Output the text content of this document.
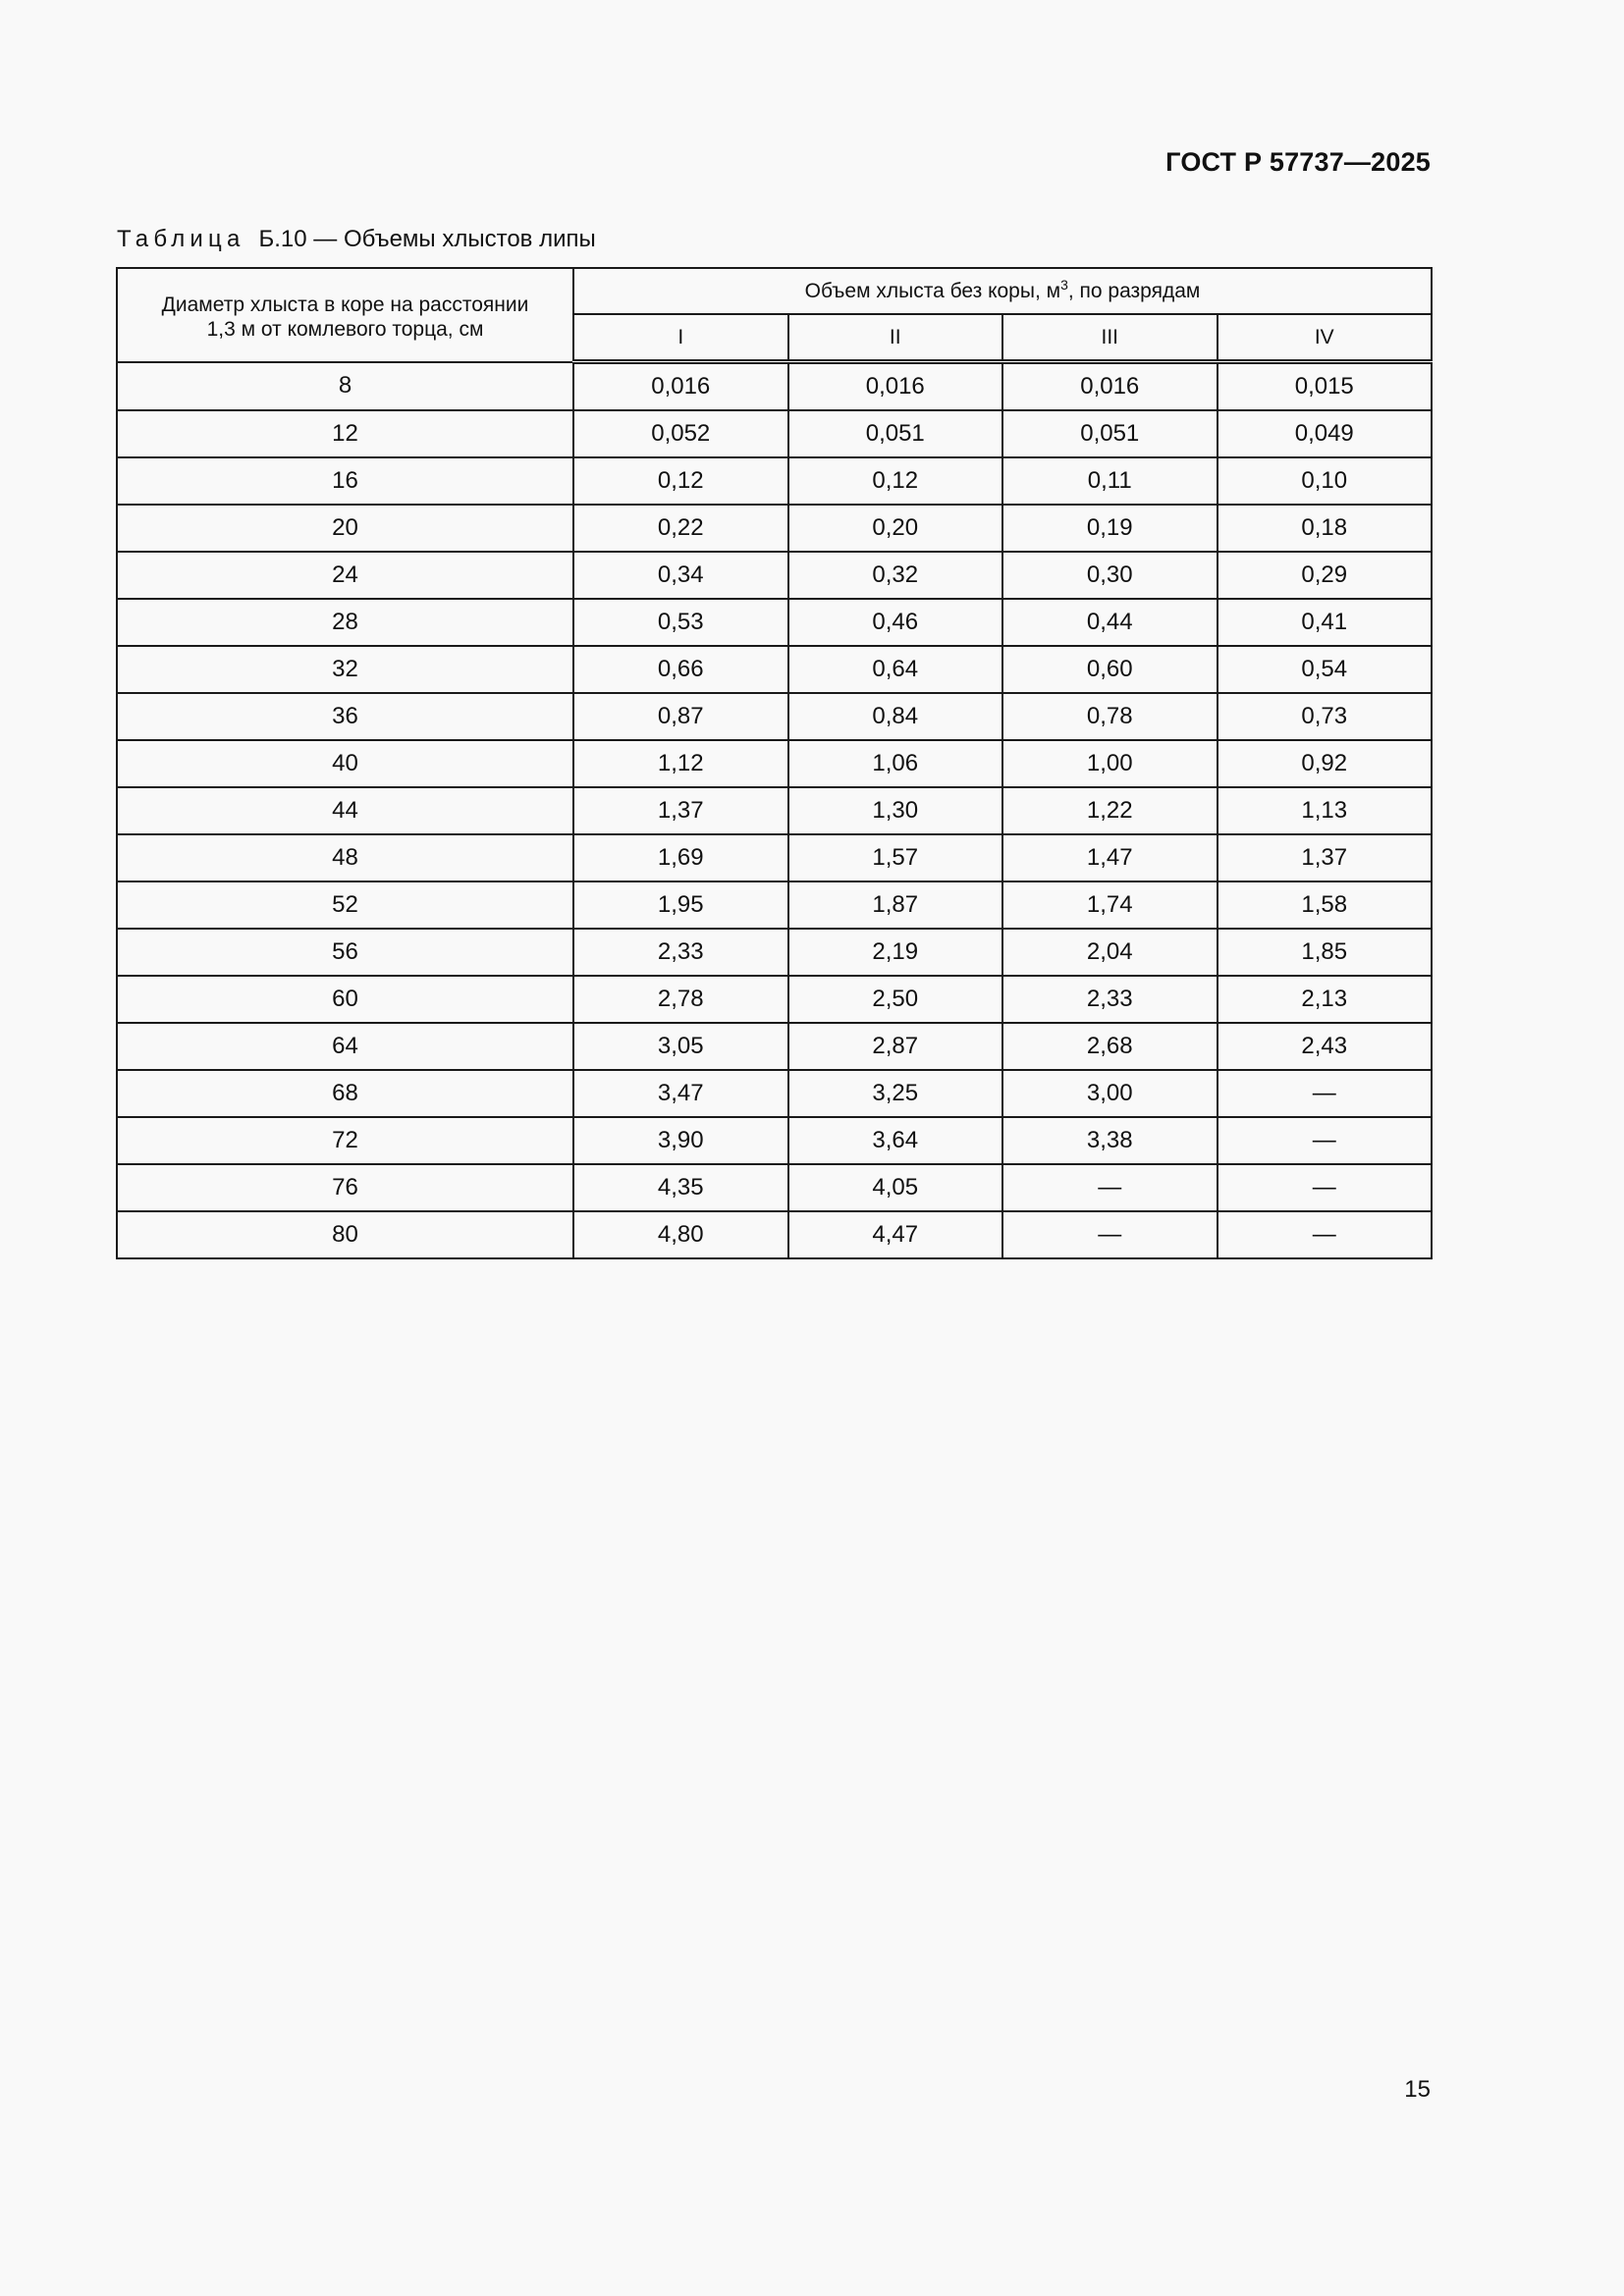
ГОСТ Р 57737—2025
Таблица Б.10 — Объемы хлыстов липы
Диаметр хлыста в коре на расстоянии
1,3 м от комлевого торца, см	Объем хлыста без коры, $м^3$, по разрядам			
	I	II	III	IV
8	0,016	0,016	0,016	0,015
12	0,052	0,051	0,051	0,049
16	0,12	0,12	0,11	0,10
20	0,22	0,20	0,19	0,18
24	0,34	0,32	0,30	0,29
28	0,53	0,46	0,44	0,41
32	0,66	0,64	0,60	0,54
36	0,87	0,84	0,78	0,73
40	1,12	1,06	1,00	0,92
44	1,37	1,30	1,22	1,13
48	1,69	1,57	1,47	1,37
52	1,95	1,87	1,74	1,58
56	2,33	2,19	2,04	1,85
60	2,78	2,50	2,33	2,13
64	3,05	2,87	2,68	2,43
68	3,47	3,25	3,00	—
72	3,90	3,64	3,38	—
76	4,35	4,05	—	—
80	4,80	4,47	—	—
15
